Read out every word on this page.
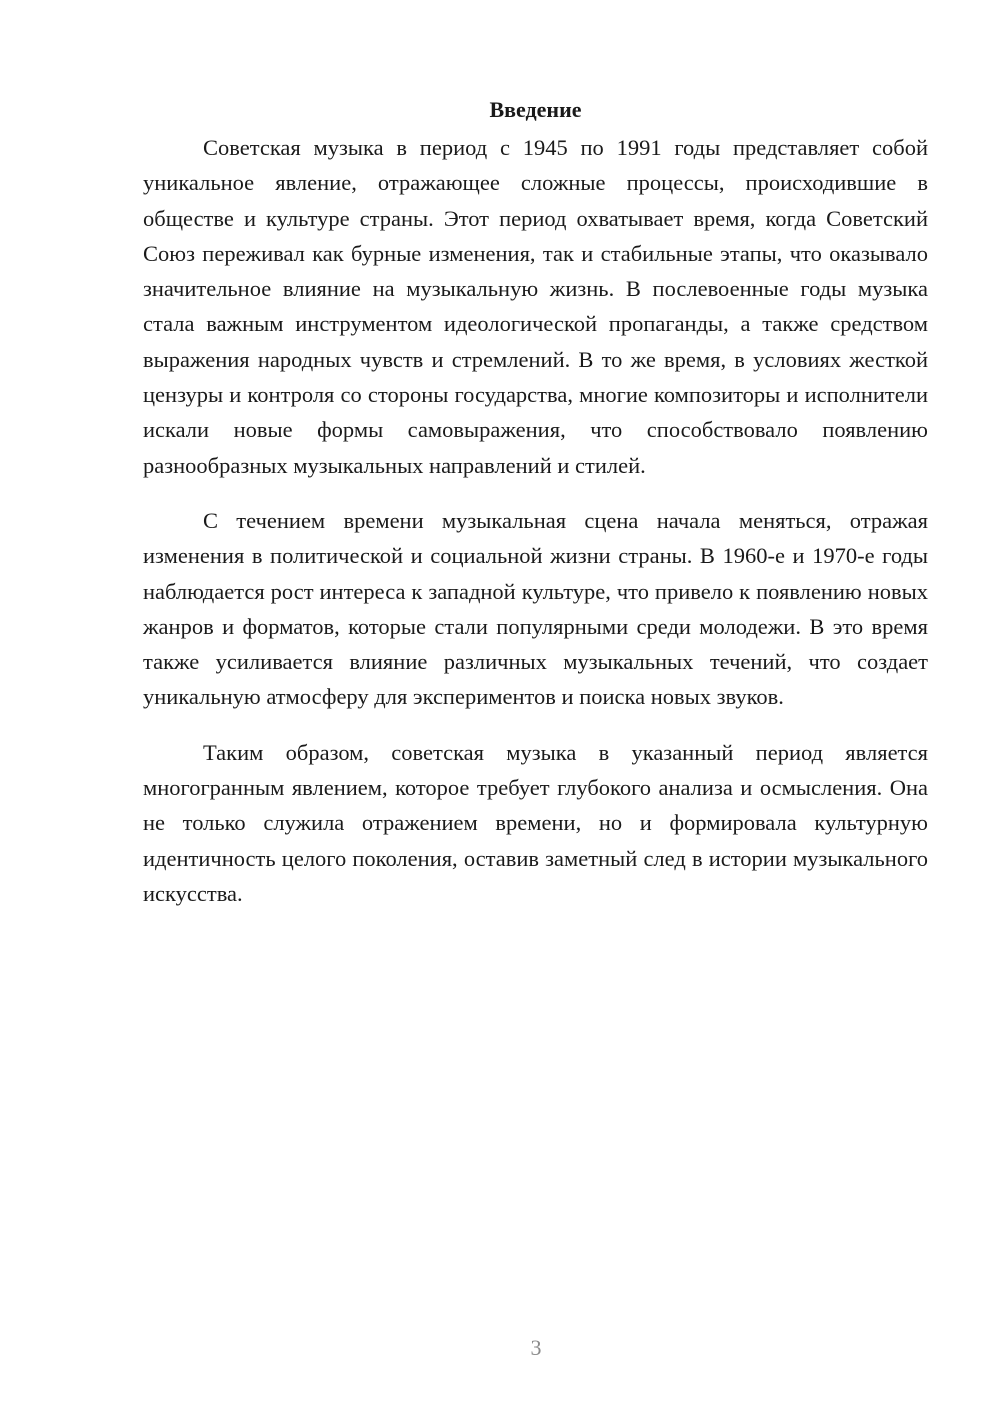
Введение

Советская музыка в период с 1945 по 1991 годы представляет собой уникальное явление, отражающее сложные процессы, происходившие в обществе и культуре страны. Этот период охватывает время, когда Советский Союз переживал как бурные изменения, так и стабильные этапы, что оказывало значительное влияние на музыкальную жизнь. В послевоенные годы музыка стала важным инструментом идеологической пропаганды, а также средством выражения народных чувств и стремлений. В то же время, в условиях жесткой цензуры и контроля со стороны государства, многие композиторы и исполнители искали новые формы самовыражения, что способствовало появлению разнообразных музыкальных направлений и стилей.

С течением времени музыкальная сцена начала меняться, отражая изменения в политической и социальной жизни страны. В 1960-е и 1970-е годы наблюдается рост интереса к западной культуре, что привело к появлению новых жанров и форматов, которые стали популярными среди молодежи. В это время также усиливается влияние различных музыкальных течений, что создает уникальную атмосферу для экспериментов и поиска новых звуков.

Таким образом, советская музыка в указанный период является многогранным явлением, которое требует глубокого анализа и осмысления. Она не только служила отражением времени, но и формировала культурную идентичность целого поколения, оставив заметный след в истории музыкального искусства.

3
